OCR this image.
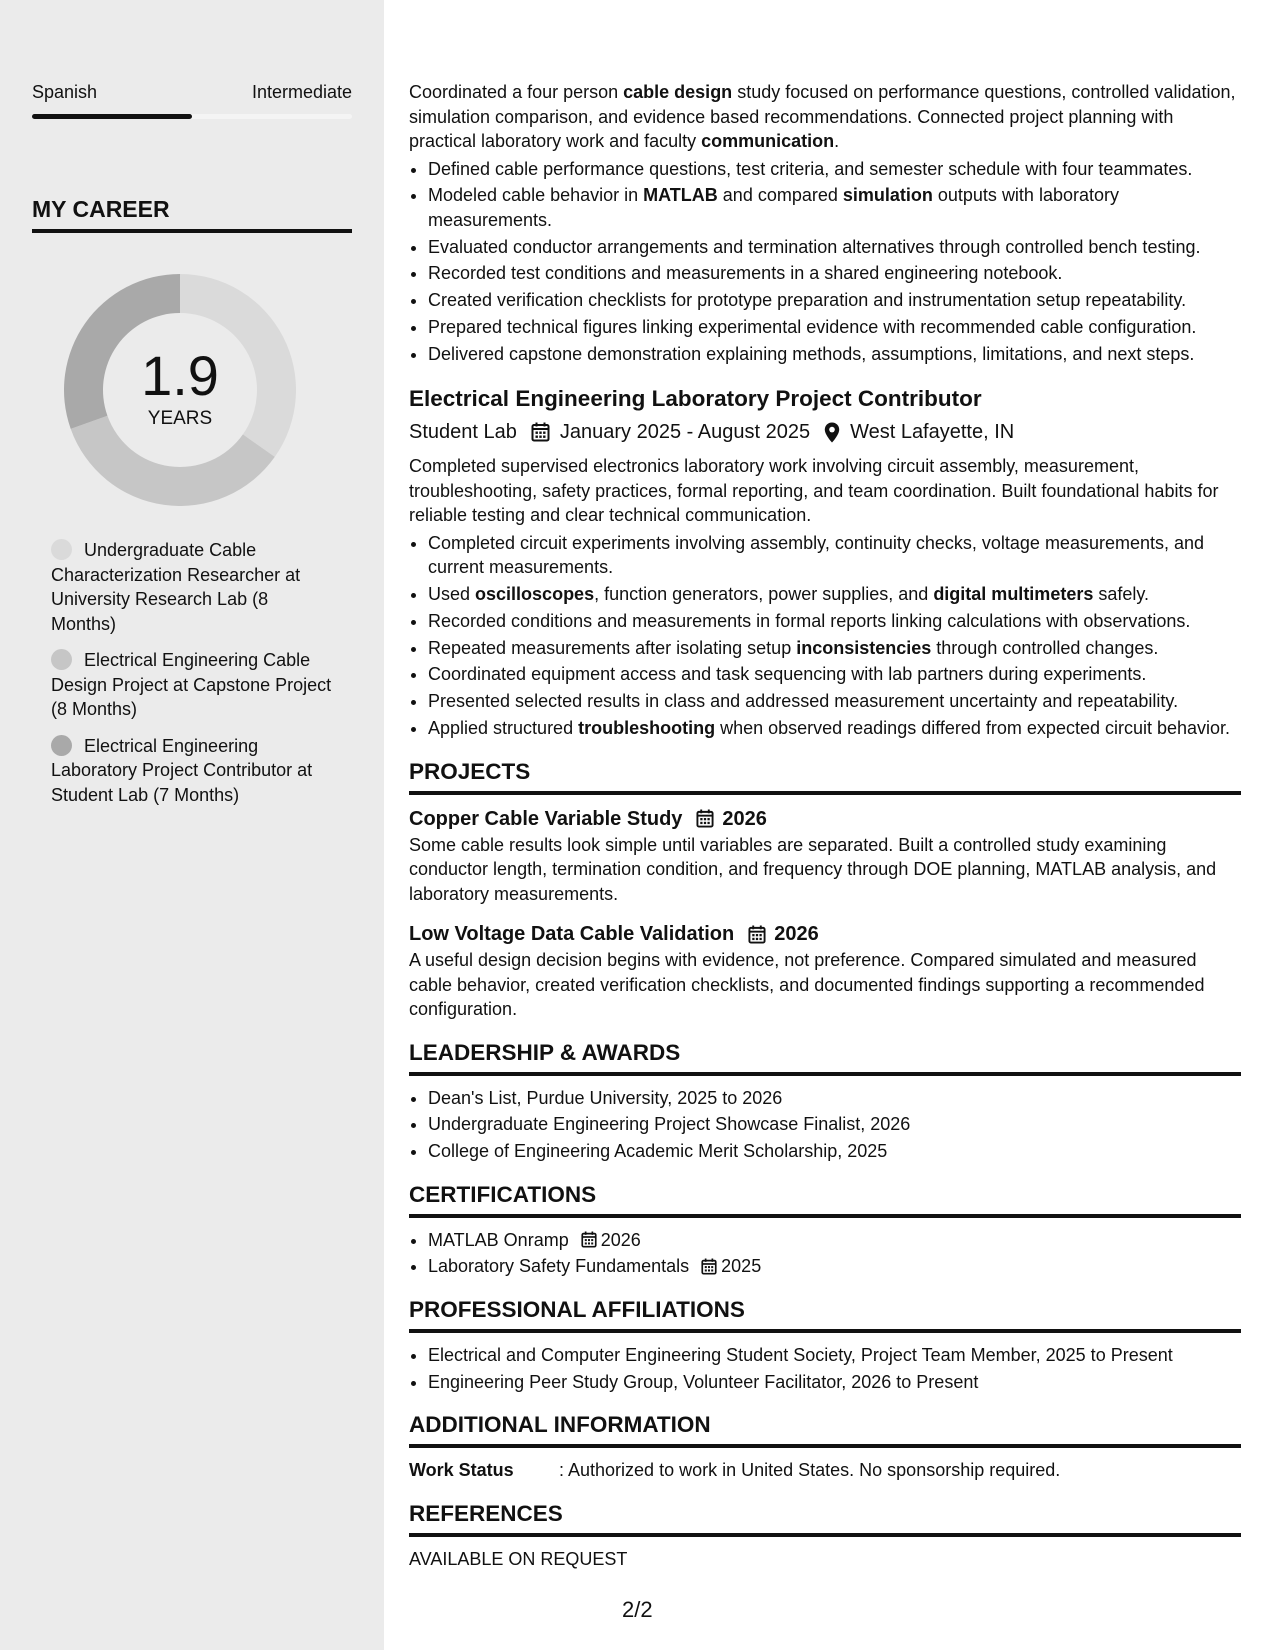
Spanish	Intermediate
MY CAREER
1.9
YEARS
Undergraduate Cable Characterization Researcher at University Research Lab (8 Months)
Electrical Engineering Cable Design Project at Capstone Project (8 Months)
Electrical Engineering Laboratory Project Contributor at Student Lab (7 Months)

Coordinated a four person cable design study focused on performance questions, controlled validation, simulation comparison, and evidence based recommendations. Connected project planning with practical laboratory work and faculty communication.

• Defined cable performance questions, test criteria, and semester schedule with four teammates.
• Modeled cable behavior in MATLAB and compared simulation outputs with laboratory measurements.
• Evaluated conductor arrangements and termination alternatives through controlled bench testing.
• Recorded test conditions and measurements in a shared engineering notebook.
• Created verification checklists for prototype preparation and instrumentation setup repeatability.
• Prepared technical figures linking experimental evidence with recommended cable configuration.
• Delivered capstone demonstration explaining methods, assumptions, limitations, and next steps.
Electrical Engineering Laboratory Project Contributor
Student Lab January 2025 - August 2025 West Lafayette, IN

Completed supervised electronics laboratory work involving circuit assembly, measurement, troubleshooting, safety practices, formal reporting, and team coordination. Built foundational habits for reliable testing and clear technical communication.

• Completed circuit experiments involving assembly, continuity checks, voltage measurements, and current measurements.
• Used oscilloscopes, function generators, power supplies, and digital multimeters safely.
• Recorded conditions and measurements in formal reports linking calculations with observations.
• Repeated measurements after isolating setup inconsistencies through controlled changes.
• Coordinated equipment access and task sequencing with lab partners during experiments.
• Presented selected results in class and addressed measurement uncertainty and repeatability.
• Applied structured troubleshooting when observed readings differed from expected circuit behavior.
PROJECTS
Copper Cable Variable Study 2026

Some cable results look simple until variables are separated. Built a controlled study examining conductor length, termination condition, and frequency through DOE planning, MATLAB analysis, and laboratory measurements.

Low Voltage Data Cable Validation 2026

A useful design decision begins with evidence, not preference. Compared simulated and measured cable behavior, created verification checklists, and documented findings supporting a recommended configuration.

LEADERSHIP & AWARDS
• Dean's List, Purdue University, 2025 to 2026
• Undergraduate Engineering Project Showcase Finalist, 2026
• College of Engineering Academic Merit Scholarship, 2025
CERTIFICATIONS
• MATLAB Onramp 2026
• Laboratory Safety Fundamentals 2025
PROFESSIONAL AFFILIATIONS
• Electrical and Computer Engineering Student Society, Project Team Member, 2025 to Present
• Engineering Peer Study Group, Volunteer Facilitator, 2026 to Present
ADDITIONAL INFORMATION
Work Status	: Authorized to work in United States. No sponsorship required.
REFERENCES

AVAILABLE ON REQUEST

2/2
